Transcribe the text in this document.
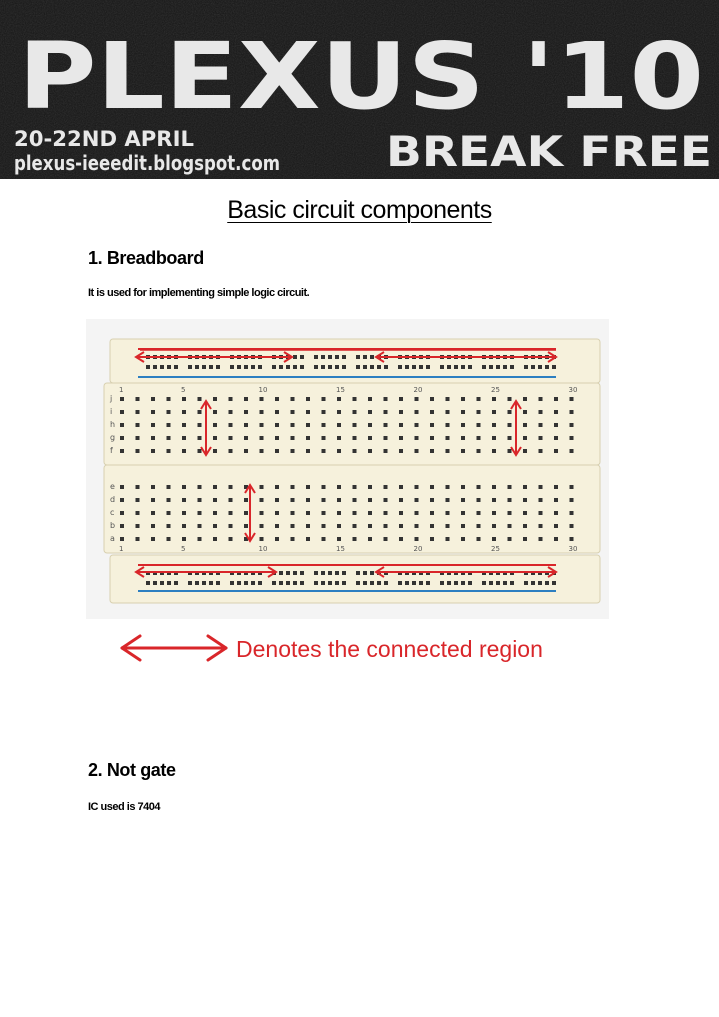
PLEXUS '10
20-22ND APRIL
plexus-ieeedit.blogspot.com	BREAK FREE
Basic circuit components
1. Breadboard
It is used for implementing simple logic circuit.
j
i
h
g
f
e
d
c
b
a
1	5	10	15	20	25	30
1	5	10	15	20	25	30
Denotes the connected region
2. Not gate
IC used is 7404
